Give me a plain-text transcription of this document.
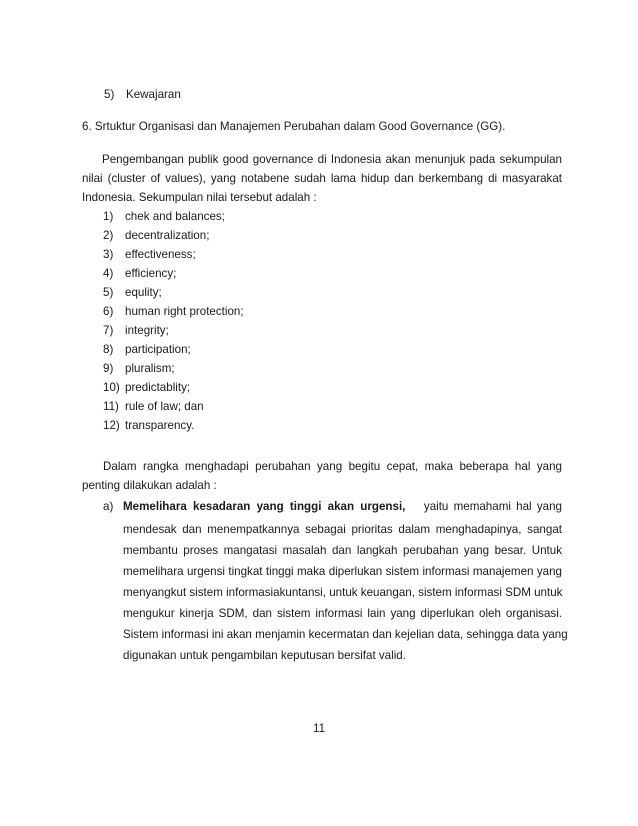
5) Kewajaran
6. Srtuktur Organisasi dan Manajemen Perubahan dalam Good Governance (GG).
Pengembangan publik good governance di Indonesia akan menunjuk pada sekumpulan
nilai (cluster of values), yang notabene sudah lama hidup dan berkembang di masyarakat
Indonesia. Sekumpulan nilai tersebut adalah :
1) chek and balances;
2) decentralization;
3) effectiveness;
4) efficiency;
5) equlity;
6) human right protection;
7) integrity;
8) participation;
9) pluralism;
10) predictablity;
11) rule of law; dan
12) transparency.
Dalam rangka menghadapi perubahan yang begitu cepat, maka beberapa hal yang
penting dilakukan adalah :
a) Memelihara kesadaran yang tinggi akan urgensi, yaitu memahami hal yang
mendesak dan menempatkannya sebagai prioritas dalam menghadapinya, sangat
membantu proses mangatasi masalah dan langkah perubahan yang besar. Untuk
memelihara urgensi tingkat tinggi maka diperlukan sistem informasi manajemen yang
menyangkut sistem informasiakuntansi, untuk keuangan, sistem informasi SDM untuk
mengukur kinerja SDM, dan sistem informasi lain yang diperlukan oleh organisasi.
Sistem informasi ini akan menjamin kecermatan dan kejelian data, sehingga data yang
digunakan untuk pengambilan keputusan bersifat valid.
11
